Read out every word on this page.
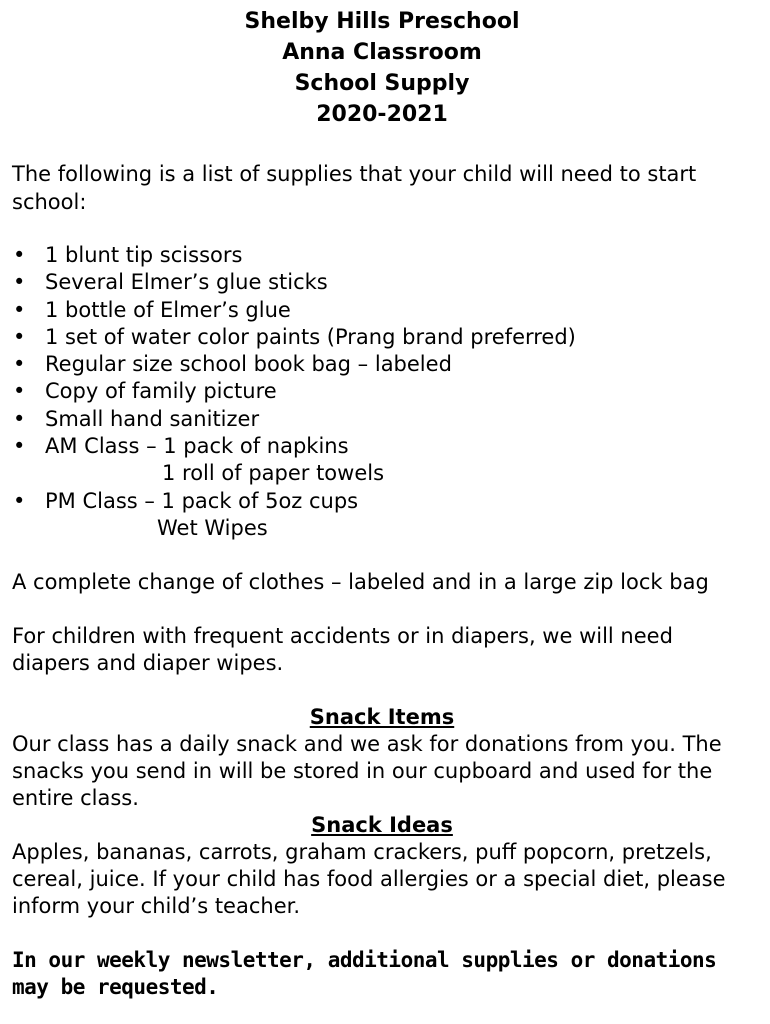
Shelby Hills Preschool
Anna Classroom
School Supply
2020-2021
The following is a list of supplies that your child will need to start school:
• 1 blunt tip scissors
• Several Elmer’s glue sticks
• 1 bottle of Elmer’s glue
• 1 set of water color paints (Prang brand preferred)
• Regular size school book bag – labeled
• Copy of family picture
• Small hand sanitizer
• AM Class – 1 pack of napkins
1 roll of paper towels
• PM Class – 1 pack of 5oz cups
Wet Wipes
A complete change of clothes – labeled and in a large zip lock bag
For children with frequent accidents or in diapers, we will need diapers and diaper wipes.
Snack Items
Our class has a daily snack and we ask for donations from you. The snacks you send in will be stored in our cupboard and used for the entire class.
Snack Ideas
Apples, bananas, carrots, graham crackers, puff popcorn, pretzels, cereal, juice. If your child has food allergies or a special diet, please inform your child’s teacher.
In our weekly newsletter, additional supplies or donations may be requested.
